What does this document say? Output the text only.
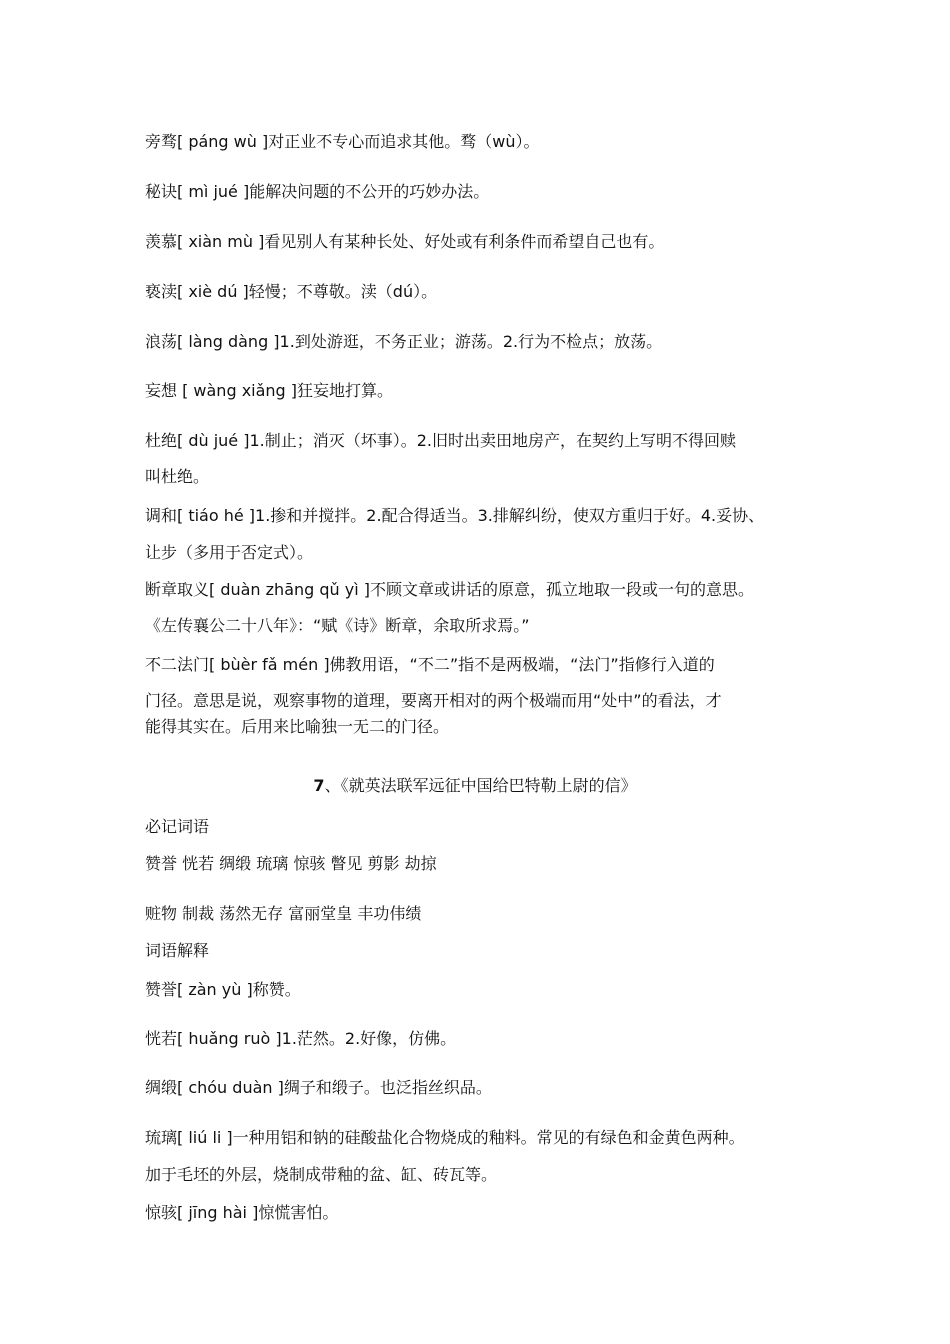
旁骛[ páng wù ]对正业不专心而追求其他。骛（wù）。
秘诀[ mì jué ]能解决问题的不公开的巧妙办法。
羡慕[ xiàn mù ]看见别人有某种长处、好处或有利条件而希望自己也有。
亵渎[ xiè dú ]轻慢；不尊敬。渎（dú）。
浪荡[ làng dàng ]1.到处游逛，不务正业；游荡。2.行为不检点；放荡。
妄想 [ wàng xiǎng ]狂妄地打算。
杜绝[ dù jué ]1.制止；消灭（坏事）。2.旧时出卖田地房产，在契约上写明不得回赎
叫杜绝。
调和[ tiáo hé ]1.掺和并搅拌。2.配合得适当。3.排解纠纷，使双方重归于好。4.妥协、
让步（多用于否定式）。
断章取义[ duàn zhāng qǔ yì ]不顾文章或讲话的原意，孤立地取一段或一句的意思。
《左传襄公二十八年》：“赋《诗》断章，余取所求焉。”
不二法门[ bùèr fǎ mén ]佛教用语，“不二”指不是两极端，“法门”指修行入道的
门径。意思是说，观察事物的道理，要离开相对的两个极端而用“处中”的看法，才
能得其实在。后用来比喻独一无二的门径。
7、《就英法联军远征中国给巴特勒上尉的信》
必记词语
赞誉 恍若 绸缎 琉璃 惊骇 瞥见 剪影 劫掠
赃物 制裁 荡然无存 富丽堂皇 丰功伟绩
词语解释
赞誉[ zàn yù ]称赞。
恍若[ huǎng ruò ]1.茫然。2.好像，仿佛。
绸缎[ chóu duàn ]绸子和缎子。也泛指丝织品。
琉璃[ liú li ]一种用铝和钠的硅酸盐化合物烧成的釉料。常见的有绿色和金黄色两种。
加于毛坯的外层，烧制成带釉的盆、缸、砖瓦等。
惊骇[ jīng hài ]惊慌害怕。
